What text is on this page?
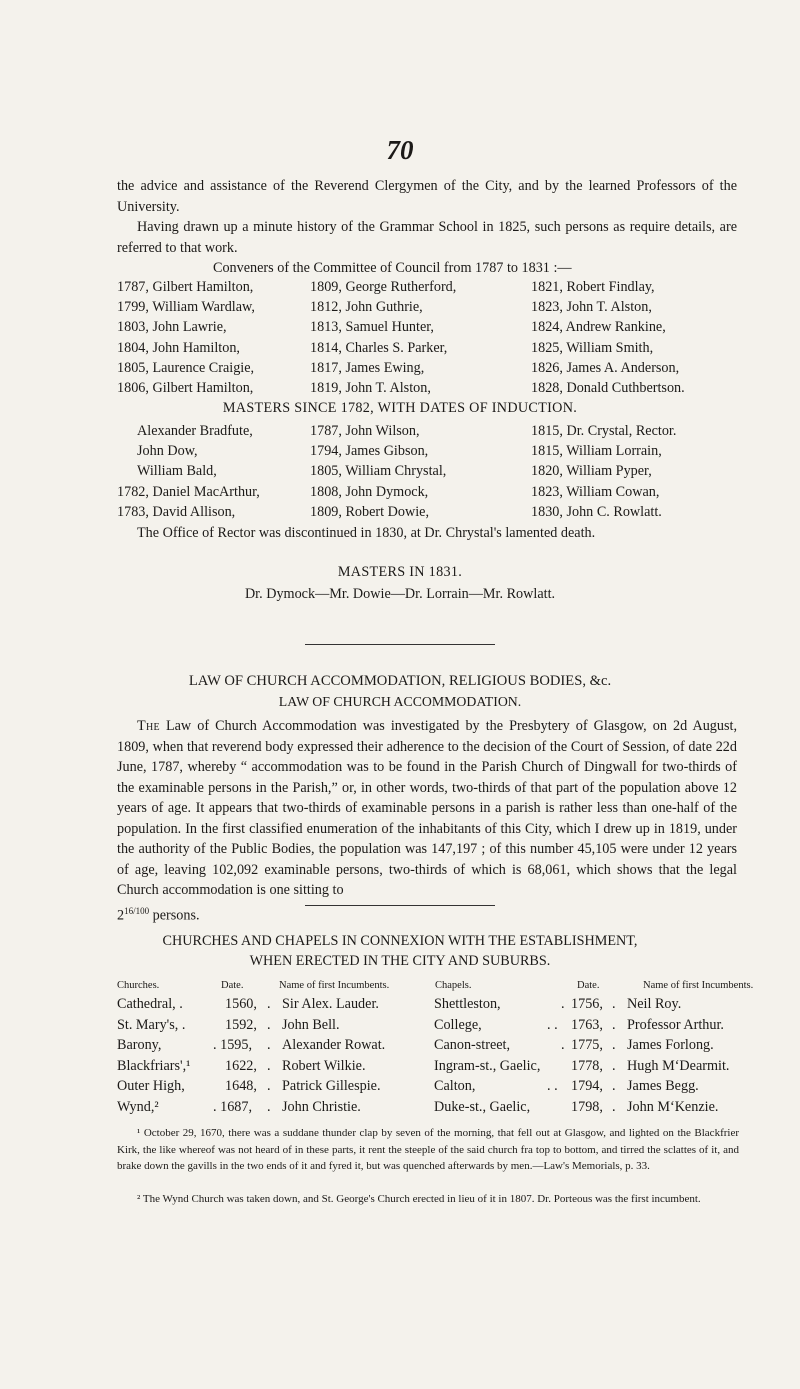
70
the advice and assistance of the Reverend Clergymen of the City, and by the learned Professors of the University.
Having drawn up a minute history of the Grammar School in 1825, such persons as require details, are referred to that work.
Conveners of the Committee of Council from 1787 to 1831 :—
1787, Gilbert Hamilton,	1809, George Rutherford,	1821, Robert Findlay,
1799, William Wardlaw,	1812, John Guthrie,	1823, John T. Alston,
1803, John Lawrie,	1813, Samuel Hunter,	1824, Andrew Rankine,
1804, John Hamilton,	1814, Charles S. Parker,	1825, William Smith,
1805, Laurence Craigie,	1817, James Ewing,	1826, James A. Anderson,
1806, Gilbert Hamilton,	1819, John T. Alston,	1828, Donald Cuthbertson.
MASTERS SINCE 1782, WITH DATES OF INDUCTION.
Alexander Bradfute,	1787, John Wilson,	1815, Dr. Crystal, Rector.
John Dow,	1794, James Gibson,	1815, William Lorrain,
William Bald,	1805, William Chrystal,	1820, William Pyper,
1782, Daniel MacArthur,	1808, John Dymock,	1823, William Cowan,
1783, David Allison,	1809, Robert Dowie,	1830, John C. Rowlatt.
The Office of Rector was discontinued in 1830, at Dr. Chrystal's lamented death.
MASTERS IN 1831.
Dr. Dymock—Mr. Dowie—Dr. Lorrain—Mr. Rowlatt.
LAW OF CHURCH ACCOMMODATION, RELIGIOUS BODIES, &c.
LAW OF CHURCH ACCOMMODATION.
The Law of Church Accommodation was investigated by the Presbytery of Glasgow, on 2d August, 1809, when that reverend body expressed their adherence to the decision of the Court of Session, of date 22d June, 1787, whereby “ accommodation was to be found in the Parish Church of Dingwall for two-thirds of the examinable persons in the Parish,” or, in other words, two-thirds of that part of the population above 12 years of age. It appears that two-thirds of examinable persons in a parish is rather less than one-half of the population. In the first classified enumeration of the inhabitants of this City, which I drew up in 1819, under the authority of the Public Bodies, the population was 147,197 ; of this number 45,105 were under 12 years of age, leaving 102,092 examinable persons, two-thirds of which is 68,061, which shows that the legal Church accommodation is one sitting to
$2^{16/100}$ persons.
CHURCHES AND CHAPELS IN CONNEXION WITH THE ESTABLISHMENT,
WHEN ERECTED IN THE CITY AND SUBURBS.
Churches.	Date.	Name of first Incumbents.	Chapels.	Date.	Name of first Incumbents.
Cathedral, .	1560, . Sir Alex. Lauder.	Shettleston,	. 1756, . Neil Roy.
St. Mary's, .	1592, . John Bell.	College,	. . 1763, . Professor Arthur.
Barony,	. 1595, . Alexander Rowat.	Canon-street,	. 1775, . James Forlong.
Blackfriars',¹ 1622, . Robert Wilkie.	Ingram-st., Gaelic, 1778, . Hugh M‘Dearmit.
Outer High,	1648, . Patrick Gillespie.	Calton,	. . 1794, . James Begg.
Wynd,²	. 1687, . John Christie.	Duke-st., Gaelic,	1798, . John M‘Kenzie.
¹ October 29, 1670, there was a suddane thunder clap by seven of the morning, that fell out at Glasgow, and lighted on the Blackfrier Kirk, the like whereof was not heard of in these parts, it rent the steeple of the said church fra top to bottom, and tirred the sclattes of it, and brake down the gavills in the two ends of it and fyred it, but was quenched afterwards by men.—Law's Memorials, p. 33.
² The Wynd Church was taken down, and St. George's Church erected in lieu of it in 1807. Dr. Porteous was the first incumbent.
